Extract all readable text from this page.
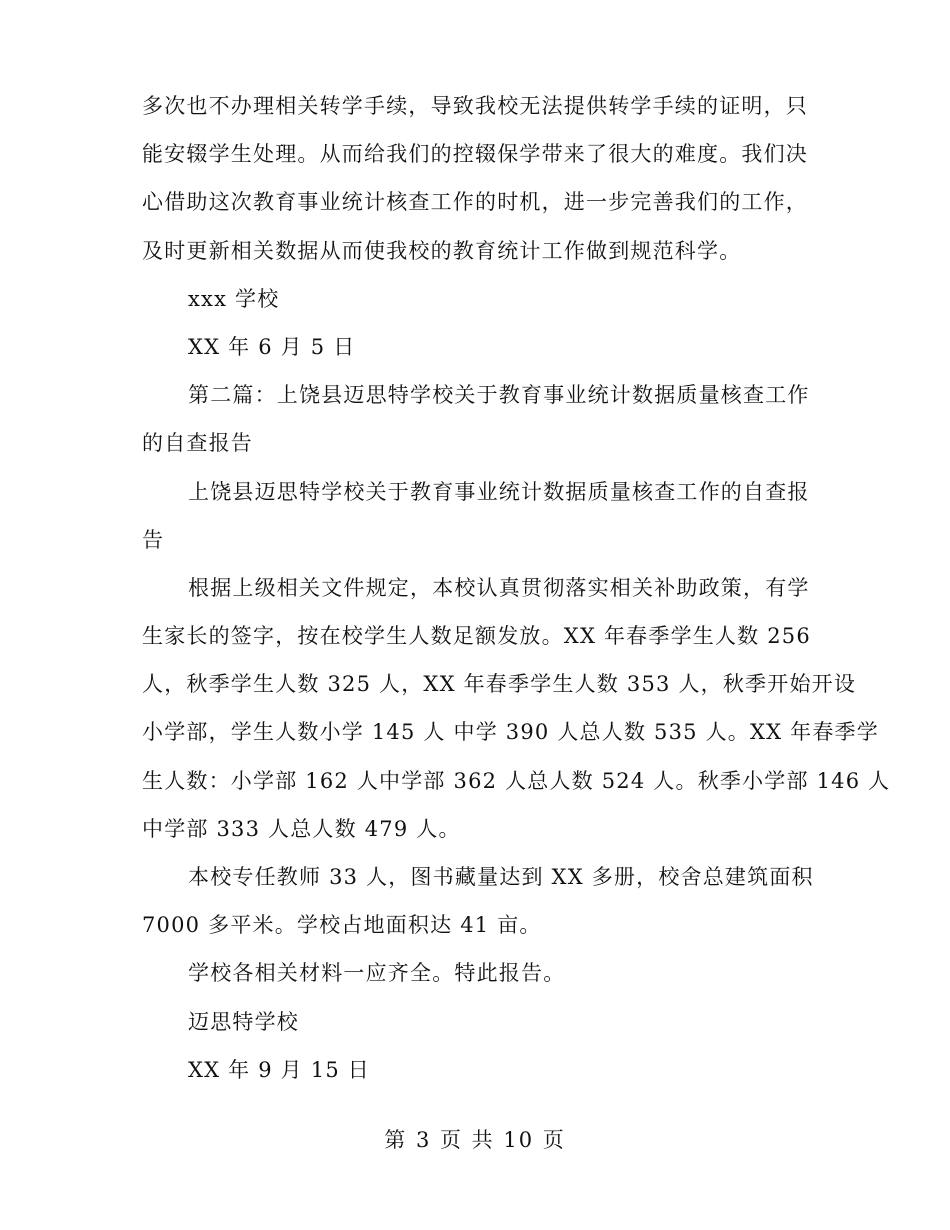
多次也不办理相关转学手续，导致我校无法提供转学手续的证明，只
能安辍学生处理。从而给我们的控辍保学带来了很大的难度。我们决
心借助这次教育事业统计核查工作的时机，进一步完善我们的工作，
及时更新相关数据从而使我校的教育统计工作做到规范科学。
xxx 学校
XX 年 6 月 5 日
第二篇：上饶县迈思特学校关于教育事业统计数据质量核查工作
的自查报告
上饶县迈思特学校关于教育事业统计数据质量核查工作的自查报
告
根据上级相关文件规定，本校认真贯彻落实相关补助政策，有学
生家长的签字，按在校学生人数足额发放。XX 年春季学生人数 256
人，秋季学生人数 325 人，XX 年春季学生人数 353 人，秋季开始开设
小学部，学生人数小学 145 人 中学 390 人总人数 535 人。XX 年春季学
生人数：小学部 162 人中学部 362 人总人数 524 人。秋季小学部 146 人
中学部 333 人总人数 479 人。
本校专任教师 33 人，图书藏量达到 XX 多册，校舍总建筑面积
7000 多平米。学校占地面积达 41 亩。
学校各相关材料一应齐全。特此报告。
迈思特学校
XX 年 9 月 15 日
第 3 页 共 10 页
